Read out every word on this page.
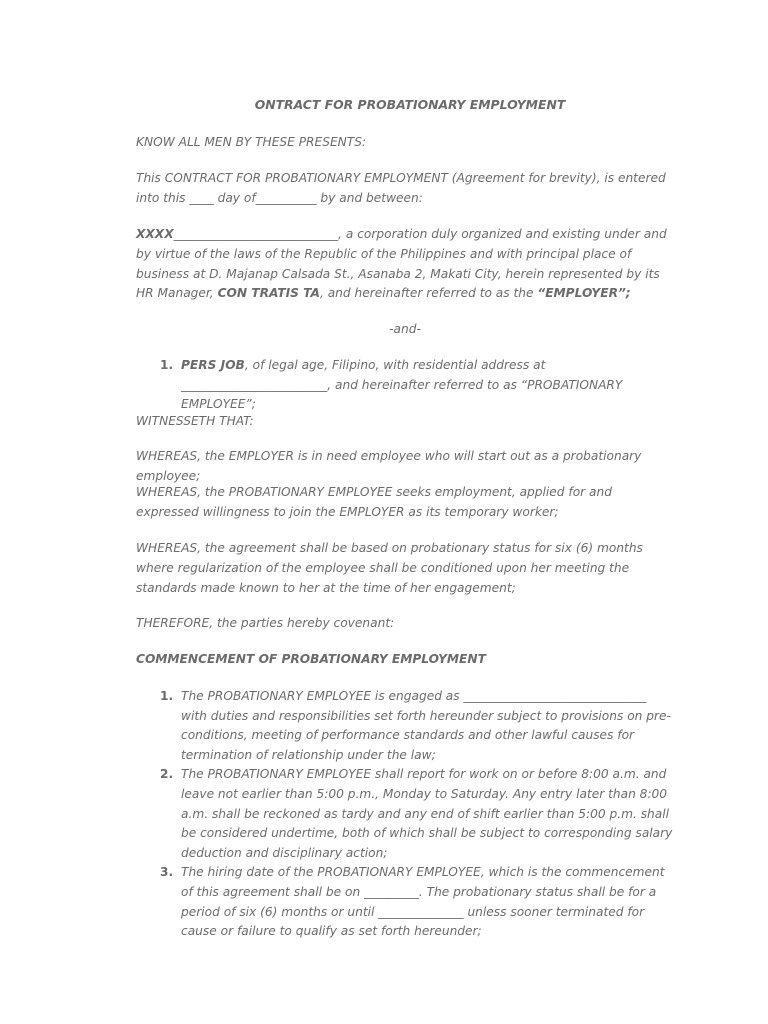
ONTRACT FOR PROBATIONARY EMPLOYMENT

KNOW ALL MEN BY THESE PRESENTS:

This CONTRACT FOR PROBATIONARY EMPLOYMENT (Agreement for brevity), is entered into this ____ day of__________ by and between:

XXXX___________________________, a corporation duly organized and existing under and by virtue of the laws of the Republic of the Philippines and with principal place of business at D. Majanap Calsada St., Asanaba 2, Makati City, herein represented by its HR Manager, CON TRATIS TA, and hereinafter referred to as the “EMPLOYER”;

-and-

1. PERS JOB, of legal age, Filipino, with residential address at ________________________, and hereinafter referred to as “PROBATIONARY EMPLOYEE”;

WITNESSETH THAT:

WHEREAS, the EMPLOYER is in need employee who will start out as a probationary employee;

WHEREAS, the PROBATIONARY EMPLOYEE seeks employment, applied for and expressed willingness to join the EMPLOYER as its temporary worker;

WHEREAS, the agreement shall be based on probationary status for six (6) months where regularization of the employee shall be conditioned upon her meeting the standards made known to her at the time of her engagement;

THEREFORE, the parties hereby covenant:

COMMENCEMENT OF PROBATIONARY EMPLOYMENT

1. The PROBATIONARY EMPLOYEE is engaged as ______________________________ with duties and responsibilities set forth hereunder subject to provisions on pre-conditions, meeting of performance standards and other lawful causes for termination of relationship under the law;

2. The PROBATIONARY EMPLOYEE shall report for work on or before 8:00 a.m. and leave not earlier than 5:00 p.m., Monday to Saturday. Any entry later than 8:00 a.m. shall be reckoned as tardy and any end of shift earlier than 5:00 p.m. shall be considered undertime, both of which shall be subject to corresponding salary deduction and disciplinary action;

3. The hiring date of the PROBATIONARY EMPLOYEE, which is the commencement of this agreement shall be on _________. The probationary status shall be for a period of six (6) months or until ______________ unless sooner terminated for cause or failure to qualify as set forth hereunder;
